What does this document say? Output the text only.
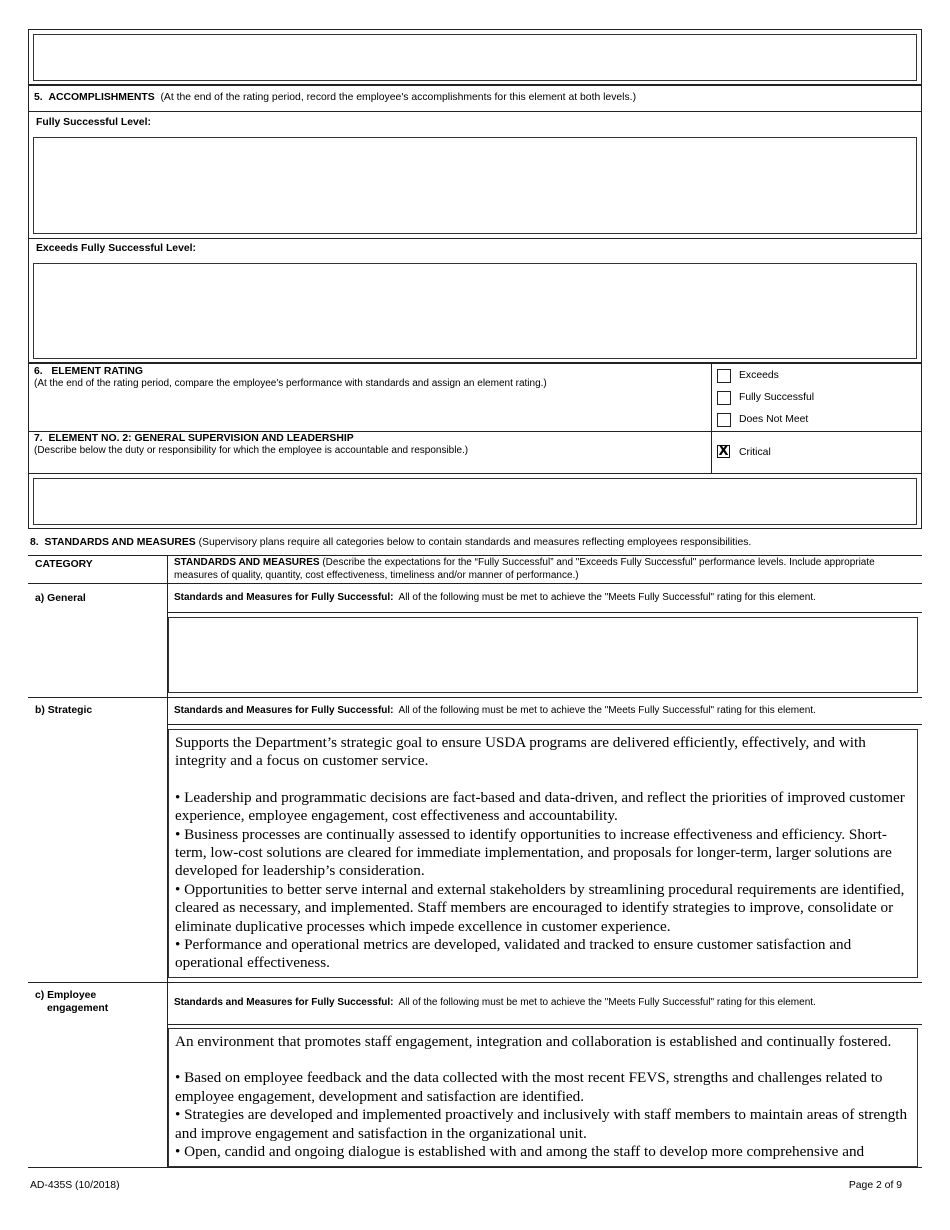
5. ACCOMPLISHMENTS (At the end of the rating period, record the employee's accomplishments for this element at both levels.)
Fully Successful Level:
Exceeds Fully Successful Level:
6. ELEMENT RATING
(At the end of the rating period, compare the employee's performance with standards and assign an element rating.)
Exceeds
Fully Successful
Does Not Meet
7. ELEMENT NO. 2: GENERAL SUPERVISION AND LEADERSHIP
(Describe below the duty or responsibility for which the employee is accountable and responsible.)	X Critical
8. STANDARDS AND MEASURES (Supervisory plans require all categories below to contain standards and measures reflecting employees responsibilities.
CATEGORY	STANDARDS AND MEASURES (Describe the expectations for the “Fully Successful” and "Exceeds Fully Successful" performance levels. Include appropriate
measures of quality, quantity, cost effectiveness, timeliness and/or manner of performance.)
a) General	Standards and Measures for Fully Successful: All of the following must be met to achieve the "Meets Fully Successful" rating for this element.
b) Strategic	Standards and Measures for Fully Successful: All of the following must be met to achieve the "Meets Fully Successful" rating for this element.

Supports the Department’s strategic goal to ensure USDA programs are delivered efficiently, effectively, and with integrity and a focus on customer service.

• Leadership and programmatic decisions are fact-based and data-driven, and reflect the priorities of improved customer experience, employee engagement, cost effectiveness and accountability.

• Business processes are continually assessed to identify opportunities to increase effectiveness and efficiency. Short-term, low-cost solutions are cleared for immediate implementation, and proposals for longer-term, larger solutions are developed for leadership’s consideration.

• Opportunities to better serve internal and external stakeholders by streamlining procedural requirements are identified, cleared as necessary, and implemented. Staff members are encouraged to identify strategies to improve, consolidate or eliminate duplicative processes which impede excellence in customer experience.

• Performance and operational metrics are developed, validated and tracked to ensure customer satisfaction and operational effectiveness.

c) Employee
engagement	Standards and Measures for Fully Successful: All of the following must be met to achieve the "Meets Fully Successful" rating for this element.

An environment that promotes staff engagement, integration and collaboration is established and continually fostered.

• Based on employee feedback and the data collected with the most recent FEVS, strengths and challenges related to employee engagement, development and satisfaction are identified.

• Strategies are developed and implemented proactively and inclusively with staff members to maintain areas of strength and improve engagement and satisfaction in the organizational unit.

• Open, candid and ongoing dialogue is established with and among the staff to develop more comprehensive and

AD-435S (10/2018)	Page 2 of 9
